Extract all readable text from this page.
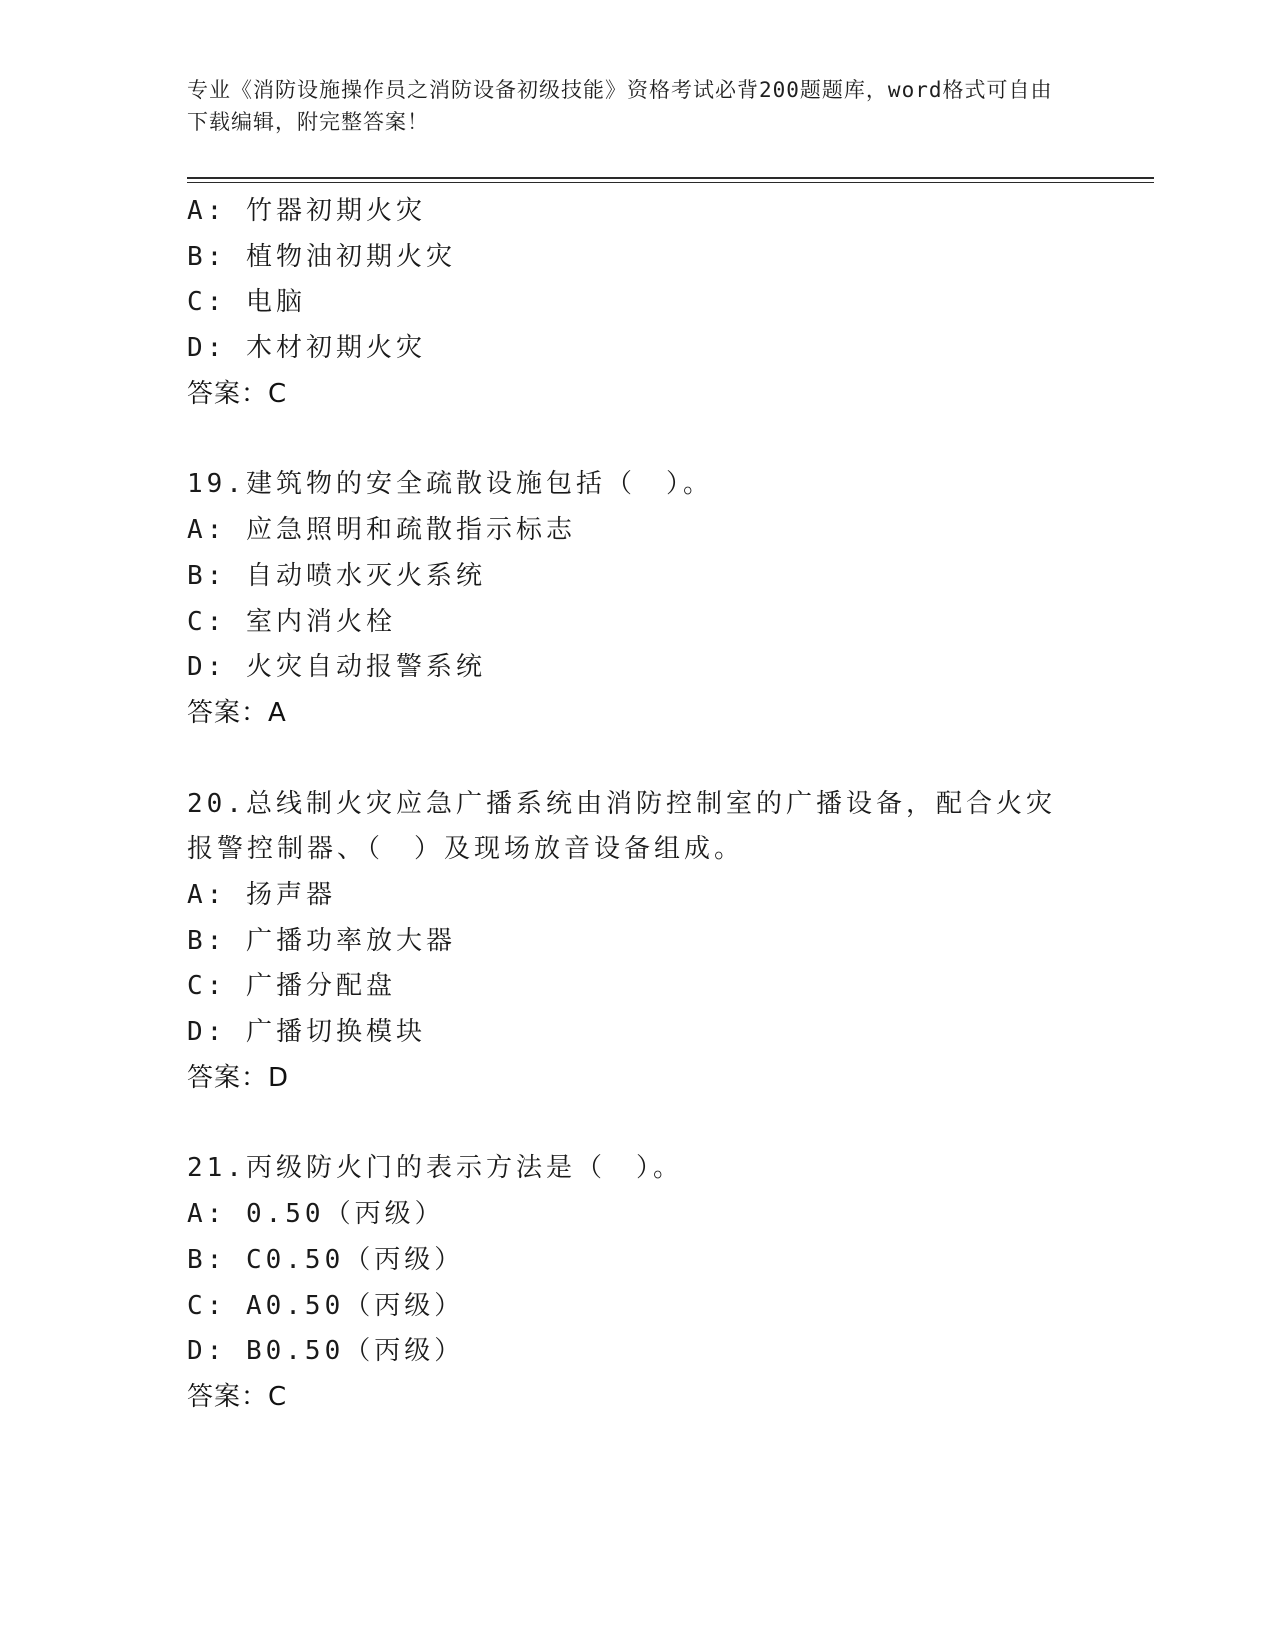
专业《消防设施操作员之消防设备初级技能》资格考试必背200题题库，word格式可自由下载编辑，附完整答案！
A: 竹器初期火灾
B: 植物油初期火灾
C: 电脑
D: 木材初期火灾
答案：C
19.建筑物的安全疏散设施包括（　）。
A: 应急照明和疏散指示标志
B: 自动喷水灭火系统
C: 室内消火栓
D: 火灾自动报警系统
答案：A
20.总线制火灾应急广播系统由消防控制室的广播设备，配合火灾报警控制器、（　）及现场放音设备组成。
A: 扬声器
B: 广播功率放大器
C: 广播分配盘
D: 广播切换模块
答案：D
21.丙级防火门的表示方法是（　）。
A: 0.50（丙级）
B: C0.50（丙级）
C: A0.50（丙级）
D: B0.50（丙级）
答案：C
